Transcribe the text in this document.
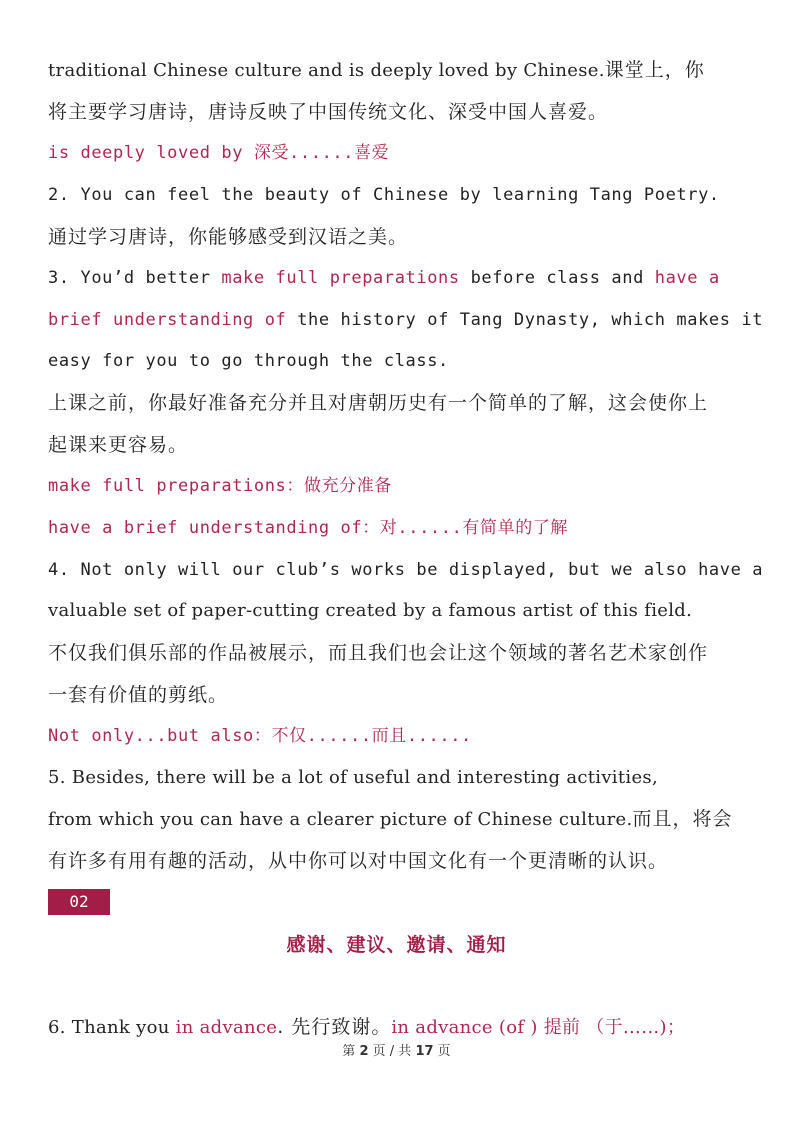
traditional Chinese culture and is deeply loved by Chinese.课堂上，你
将主要学习唐诗，唐诗反映了中国传统文化、深受中国人喜爱。
is deeply loved by 深受......喜爱
2. You can feel the beauty of Chinese by learning Tang Poetry.
通过学习唐诗，你能够感受到汉语之美。
3. You’d better make full preparations before class and have a
brief understanding of the history of Tang Dynasty, which makes it
easy for you to go through the class.
上课之前，你最好准备充分并且对唐朝历史有一个简单的了解，这会使你上
起课来更容易。
make full preparations：做充分准备
have a brief understanding of：对......有简单的了解
4. Not only will our club’s works be displayed, but we also have a
valuable set of paper-cutting created by a famous artist of this field.
不仅我们俱乐部的作品被展示，而且我们也会让这个领域的著名艺术家创作
一套有价值的剪纸。
Not only...but also：不仅......而且......
5. Besides, there will be a lot of useful and interesting activities,
from which you can have a clearer picture of Chinese culture.而且，将会
有许多有用有趣的活动，从中你可以对中国文化有一个更清晰的认识。
02
感谢、建议、邀请、通知
6. Thank you in advance. 先行致谢。in advance (of ) 提前 （于……)；
第 2 页 / 共 17 页
